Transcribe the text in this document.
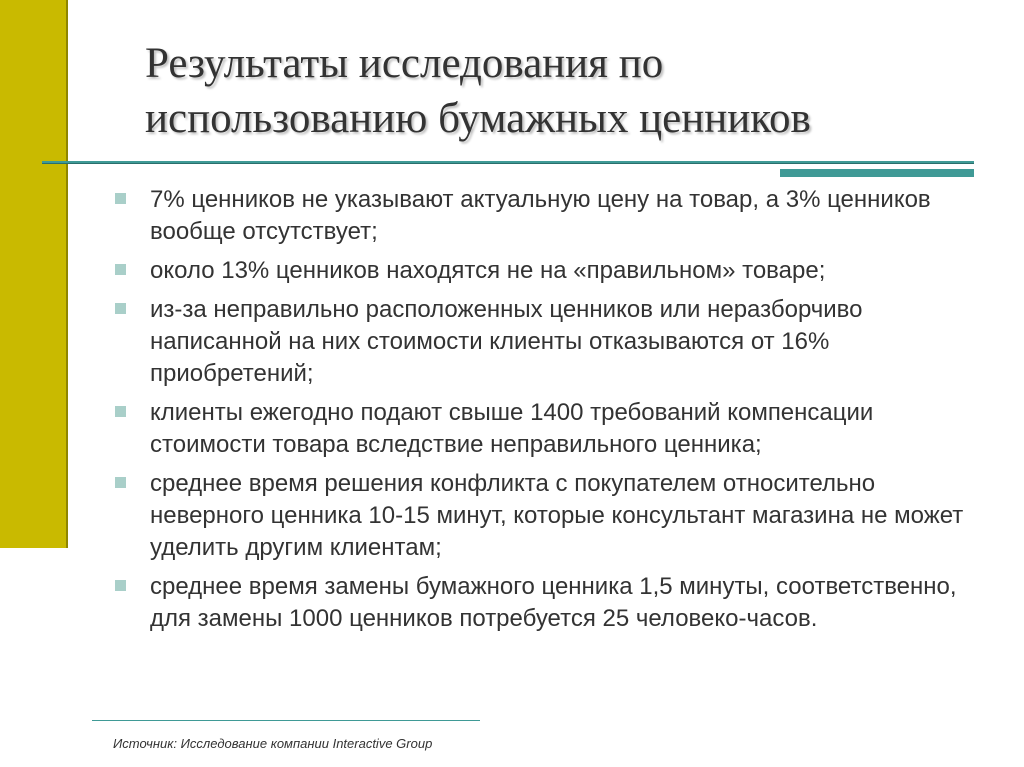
Результаты исследования по
использованию бумажных ценников
7% ценников не указывают актуальную цену на товар, а 3% ценников вообще отсутствует;
около 13% ценников находятся не на «правильном» товаре;
из-за неправильно расположенных ценников или неразборчиво написанной на них стоимости клиенты отказываются от 16% приобретений;
клиенты ежегодно подают свыше 1400 требований компенсации стоимости товара вследствие неправильного ценника;
среднее время решения конфликта с покупателем относительно неверного ценника 10-15 минут, которые консультант магазина не может уделить другим клиентам;
среднее время замены бумажного ценника 1,5 минуты, соответственно, для замены 1000 ценников потребуется 25 человеко-часов.
Источник: Исследование компании Interactive Group
